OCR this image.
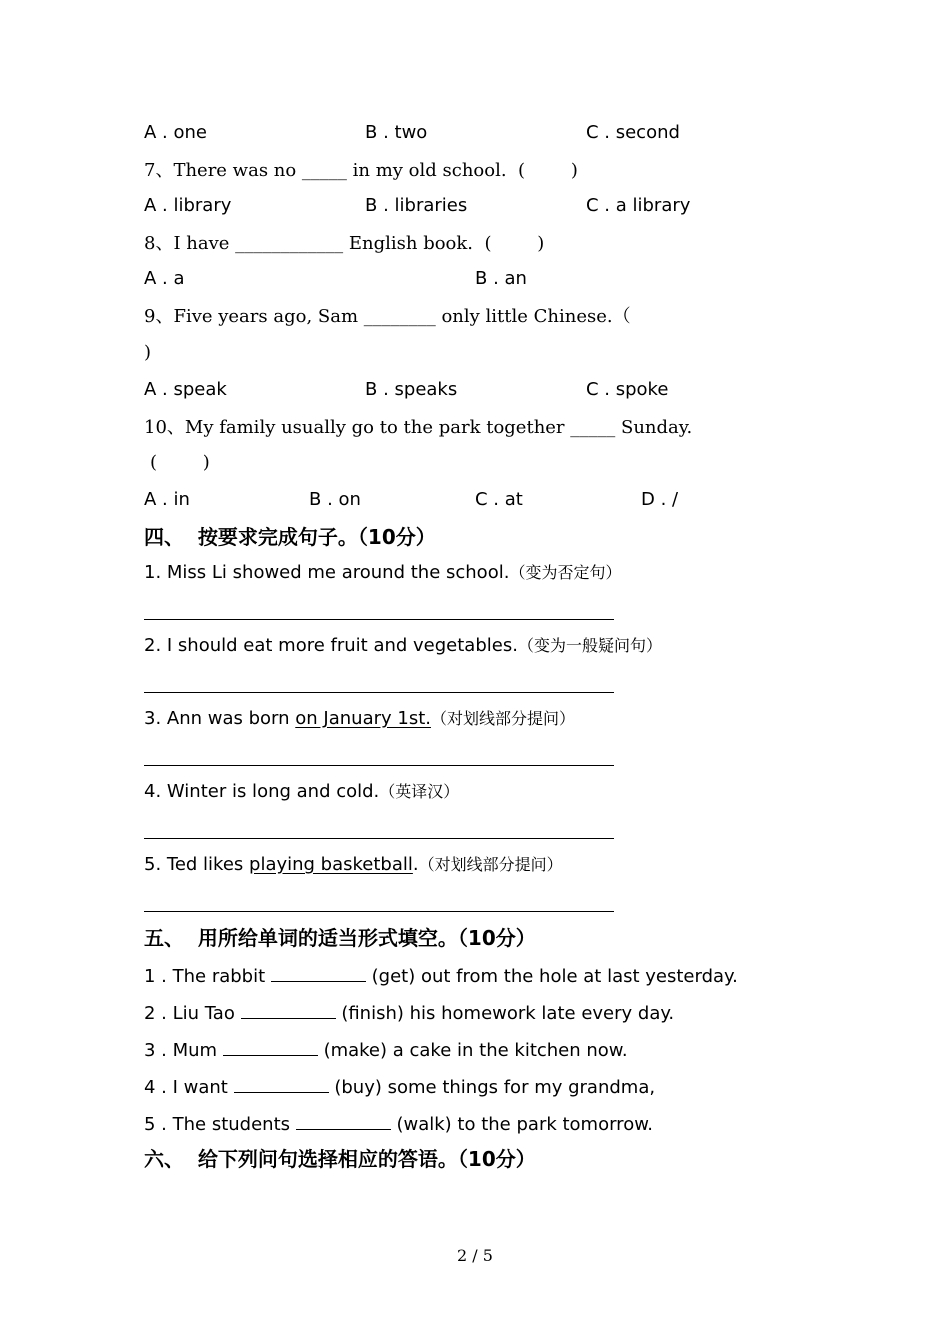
A . one	B . two	C . second
7、There was no _____ in my old school.  (        )
A . library	B . libraries	C . a library
8、I have ____________ English book.  (        )
A . a	B . an
9、Five years ago, Sam ________ only little Chinese.（
)
A . speak	B . speaks	C . spoke
10、My family usually go to the park together _____ Sunday.
(        )
A . in	B . on	C . at	D . /
四、  按要求完成句子。（10分）
1. Miss Li showed me around the school.（变为否定句）
2. I should eat more fruit and vegetables.（变为一般疑问句）
3. Ann was born on January 1st.（对划线部分提问）
4. Winter is long and cold.（英译汉）
5. Ted likes playing basketball.（对划线部分提问）
五、  用所给单词的适当形式填空。（10分）
1 . The rabbit	(get) out from the hole at last yesterday.
2 . Liu Tao	(finish) his homework late every day.
3 . Mum	(make) a cake in the kitchen now.
4 . I want	(buy) some things for my grandma,
5 . The students	(walk) to the park tomorrow.
六、  给下列问句选择相应的答语。（10分）
2 / 5
